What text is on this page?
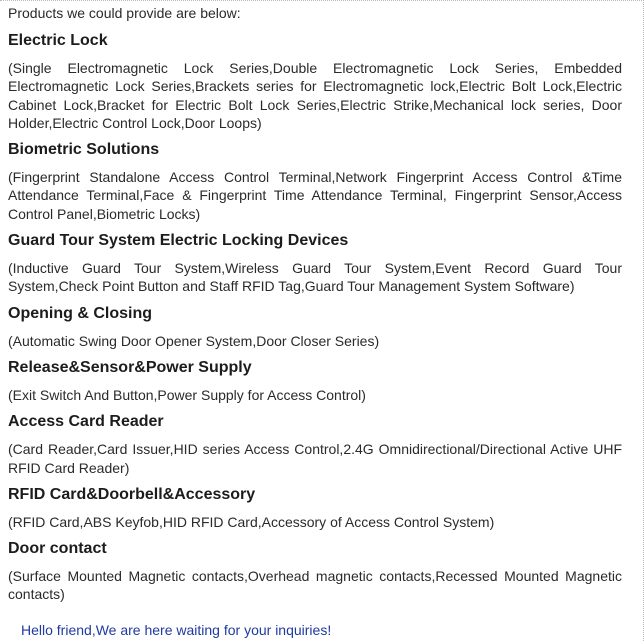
Products we could provide are below:
Electric Lock
(Single Electromagnetic Lock Series,Double Electromagnetic Lock Series, Embedded Electromagnetic Lock Series,Brackets series for Electromagnetic lock,Electric Bolt Lock,Electric Cabinet Lock,Bracket for Electric Bolt Lock Series,Electric Strike,Mechanical lock series, Door Holder,Electric Control Lock,Door Loops)
Biometric Solutions
(Fingerprint Standalone Access Control Terminal,Network Fingerprint Access Control &Time Attendance Terminal,Face & Fingerprint Time Attendance Terminal, Fingerprint Sensor,Access Control Panel,Biometric Locks)
Guard Tour System Electric Locking Devices
(Inductive Guard Tour System,Wireless Guard Tour System,Event Record Guard Tour System,Check Point Button and Staff RFID Tag,Guard Tour Management System Software)
Opening & Closing
(Automatic Swing Door Opener System,Door Closer Series)
Release&Sensor&Power Supply
(Exit Switch And Button,Power Supply for Access Control)
Access Card Reader
(Card Reader,Card Issuer,HID series Access Control,2.4G Omnidirectional/Directional Active UHF RFID Card Reader)
RFID Card&Doorbell&Accessory
(RFID Card,ABS Keyfob,HID RFID Card,Accessory of Access Control System)
Door contact
(Surface Mounted Magnetic contacts,Overhead magnetic contacts,Recessed Mounted Magnetic contacts)
Hello friend,We are here waiting for your inquiries!
